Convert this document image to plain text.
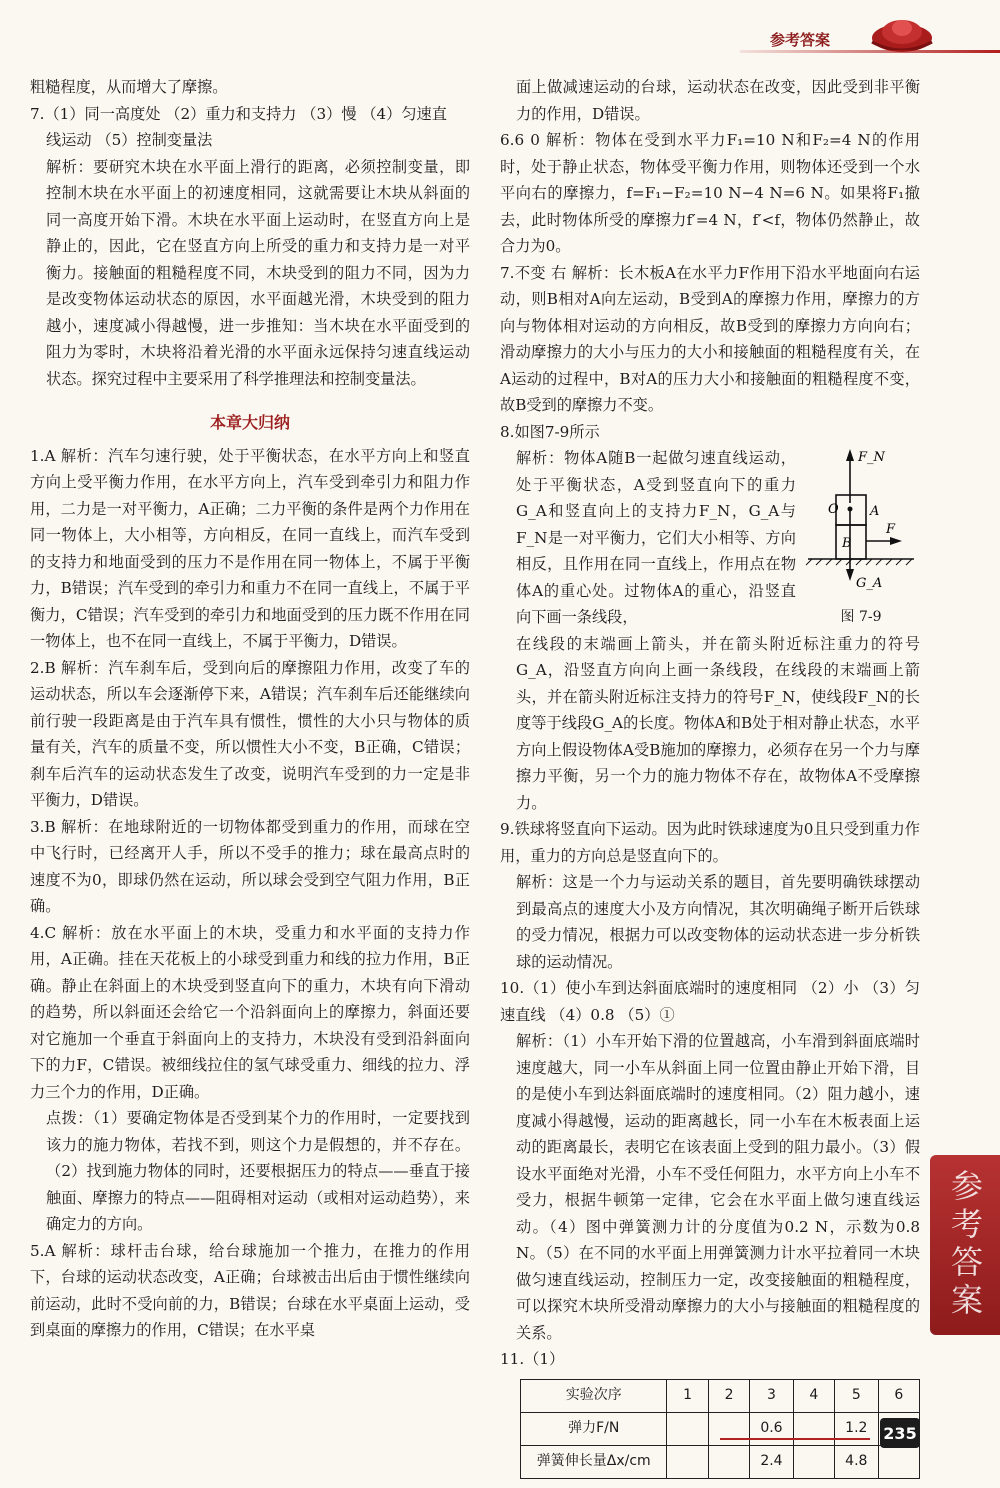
参考答案

粗糙程度，从而增大了摩擦。

7.（1）同一高度处 （2）重力和支持力 （3）慢 （4）匀速直

线运动 （5）控制变量法

解析：要研究木块在水平面上滑行的距离，必须控制变量，即控制木块在水平面上的初速度相同，这就需要让木块从斜面的同一高度开始下滑。木块在水平面上运动时，在竖直方向上是静止的，因此，它在竖直方向上所受的重力和支持力是一对平衡力。接触面的粗糙程度不同，木块受到的阻力不同，因为力是改变物体运动状态的原因，水平面越光滑，木块受到的阻力越小，速度减小得越慢，进一步推知：当木块在水平面受到的阻力为零时，木块将沿着光滑的水平面永远保持匀速直线运动状态。探究过程中主要采用了科学推理法和控制变量法。

本章大归纳

1.A 解析：汽车匀速行驶，处于平衡状态，在水平方向上和竖直方向上受平衡力作用，在水平方向上，汽车受到牵引力和阻力作用，二力是一对平衡力，A正确；二力平衡的条件是两个力作用在同一物体上，大小相等，方向相反，在同一直线上，而汽车受到的支持力和地面受到的压力不是作用在同一物体上，不属于平衡力，B错误；汽车受到的牵引力和重力不在同一直线上，不属于平衡力，C错误；汽车受到的牵引力和地面受到的压力既不作用在同一物体上，也不在同一直线上，不属于平衡力，D错误。

2.B 解析：汽车刹车后，受到向后的摩擦阻力作用，改变了车的运动状态，所以车会逐渐停下来，A错误；汽车刹车后还能继续向前行驶一段距离是由于汽车具有惯性，惯性的大小只与物体的质量有关，汽车的质量不变，所以惯性大小不变，B正确，C错误；刹车后汽车的运动状态发生了改变，说明汽车受到的力一定是非平衡力，D错误。

3.B 解析：在地球附近的一切物体都受到重力的作用，而球在空中飞行时，已经离开人手，所以不受手的推力；球在最高点时的速度不为0，即球仍然在运动，所以球会受到空气阻力作用，B正确。

4.C 解析：放在水平面上的木块，受重力和水平面的支持力作用，A正确。挂在天花板上的小球受到重力和线的拉力作用，B正确。静止在斜面上的木块受到竖直向下的重力，木块有向下滑动的趋势，所以斜面还会给它一个沿斜面向上的摩擦力，斜面还要对它施加一个垂直于斜面向上的支持力，木块没有受到沿斜面向下的力F，C错误。被细线拉住的氢气球受重力、细线的拉力、浮力三个力的作用，D正确。

点拨：（1）要确定物体是否受到某个力的作用时，一定要找到该力的施力物体，若找不到，则这个力是假想的，并不存在。（2）找到施力物体的同时，还要根据压力的特点——垂直于接触面、摩擦力的特点——阻碍相对运动（或相对运动趋势），来确定力的方向。

5.A 解析：球杆击台球，给台球施加一个推力，在推力的作用下，台球的运动状态改变，A正确；台球被击出后由于惯性继续向前运动，此时不受向前的力，B错误；台球在水平桌面上运动，受到桌面的摩擦力的作用，C错误；在水平桌

面上做减速运动的台球，运动状态在改变，因此受到非平衡力的作用，D错误。

6.6 0 解析：物体在受到水平力F₁=10 N和F₂=4 N的作用时，处于静止状态，物体受平衡力作用，则物体还受到一个水平向右的摩擦力，f=F₁−F₂=10 N−4 N=6 N。如果将F₁撤去，此时物体所受的摩擦力f′=4 N，f′<f，物体仍然静止，故合力为0。

7.不变 右 解析：长木板A在水平力F作用下沿水平地面向右运动，则B相对A向左运动，B受到A的摩擦力作用，摩擦力的方向与物体相对运动的方向相反，故B受到的摩擦力方向向右；滑动摩擦力的大小与压力的大小和接触面的粗糙程度有关，在A运动的过程中，B对A的压力大小和接触面的粗糙程度不变，故B受到的摩擦力不变。

8.如图7-9所示

解析：物体A随B一起做匀速直线运动，处于平衡状态，A受到竖直向下的重力G_A和竖直向上的支持力F_N，G_A与F_N是一对平衡力，它们大小相等、方向相反，且作用在同一直线上，作用点在物体A的重心处。过物体A的重心，沿竖直向下画一条线段，

F_N
O A
B
F
G_A
图 7-9

在线段的末端画上箭头，并在箭头附近标注重力的符号G_A，沿竖直方向向上画一条线段，在线段的末端画上箭头，并在箭头附近标注支持力的符号F_N，使线段F_N的长度等于线段G_A的长度。物体A和B处于相对静止状态，水平方向上假设物体A受B施加的摩擦力，必须存在另一个力与摩擦力平衡，另一个力的施力物体不存在，故物体A不受摩擦力。

9.铁球将竖直向下运动。因为此时铁球速度为0且只受到重力作用，重力的方向总是竖直向下的。

解析：这是一个力与运动关系的题目，首先要明确铁球摆动到最高点的速度大小及方向情况，其次明确绳子断开后铁球的受力情况，根据力可以改变物体的运动状态进一步分析铁球的运动情况。

10.（1）使小车到达斜面底端时的速度相同 （2）小 （3）匀速直线 （4）0.8 （5）①

解析：（1）小车开始下滑的位置越高，小车滑到斜面底端时速度越大，同一小车从斜面上同一位置由静止开始下滑，目的是使小车到达斜面底端时的速度相同。（2）阻力越小，速度减小得越慢，运动的距离越长，同一小车在木板表面上运动的距离最长，表明它在该表面上受到的阻力最小。（3）假设水平面绝对光滑，小车不受任何阻力，水平方向上小车不受力，根据牛顿第一定律，它会在水平面上做匀速直线运动。（4）图中弹簧测力计的分度值为0.2 N，示数为0.8 N。（5）在不同的水平面上用弹簧测力计水平拉着同一木块做匀速直线运动，控制压力一定，改变接触面的粗糙程度，可以探究木块所受滑动摩擦力的大小与接触面的粗糙程度的关系。

11.（1）

实验次序	1	2	3	4	5	6
弹力F/N			0.6		1.2	
弹簧伸长量Δx/cm			2.4		4.8	
参考答案
235
